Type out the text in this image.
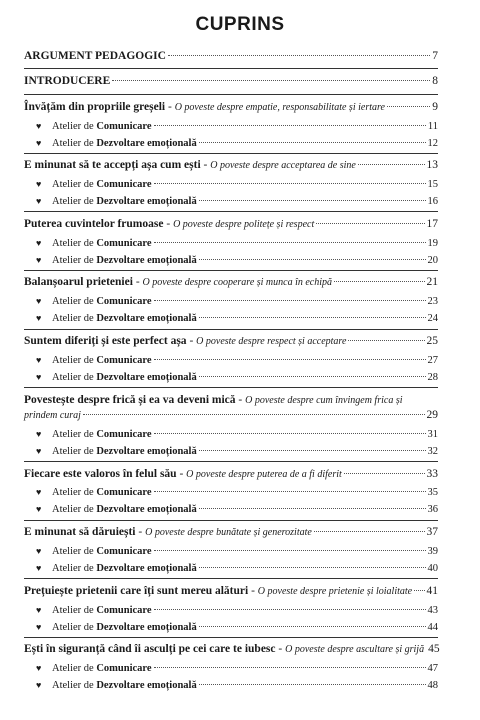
CUPRINS
ARGUMENT PEDAGOGIC	7
INTRODUCERE	8
Învățăm din propriile greșeli - O poveste despre empatie, responsabilitate și iertare	9
♥	Atelier de Comunicare	11
♥	Atelier de Dezvoltare emoțională	12
E minunat să te accepți așa cum ești - O poveste despre acceptarea de sine	13
♥	Atelier de Comunicare	15
♥	Atelier de Dezvoltare emoțională	16
Puterea cuvintelor frumoase - O poveste despre politețe și respect	17
♥	Atelier de Comunicare	19
♥	Atelier de Dezvoltare emoțională	20
Balanșoarul prieteniei - O poveste despre cooperare și munca în echipă	21
♥	Atelier de Comunicare	23
♥	Atelier de Dezvoltare emoțională	24
Suntem diferiți și este perfect așa - O poveste despre respect și acceptare	25
♥	Atelier de Comunicare	27
♥	Atelier de Dezvoltare emoțională	28
Povestește despre frică și ea va deveni mică - O poveste despre cum învingem frica și
prindem curaj	29
♥	Atelier de Comunicare	31
♥	Atelier de Dezvoltare emoțională	32
Fiecare este valoros în felul său - O poveste despre puterea de a fi diferit	33
♥	Atelier de Comunicare	35
♥	Atelier de Dezvoltare emoțională	36
E minunat să dăruiești - O poveste despre bunătate și generozitate	37
♥	Atelier de Comunicare	39
♥	Atelier de Dezvoltare emoțională	40
Prețuiește prietenii care îți sunt mereu alături - O poveste despre prietenie și loialitate 41
♥	Atelier de Comunicare	43
♥	Atelier de Dezvoltare emoțională	44
Ești în siguranță când îi asculți pe cei care te iubesc - O poveste despre ascultare și grijă 45
♥	Atelier de Comunicare	47
♥	Atelier de Dezvoltare emoțională	48
